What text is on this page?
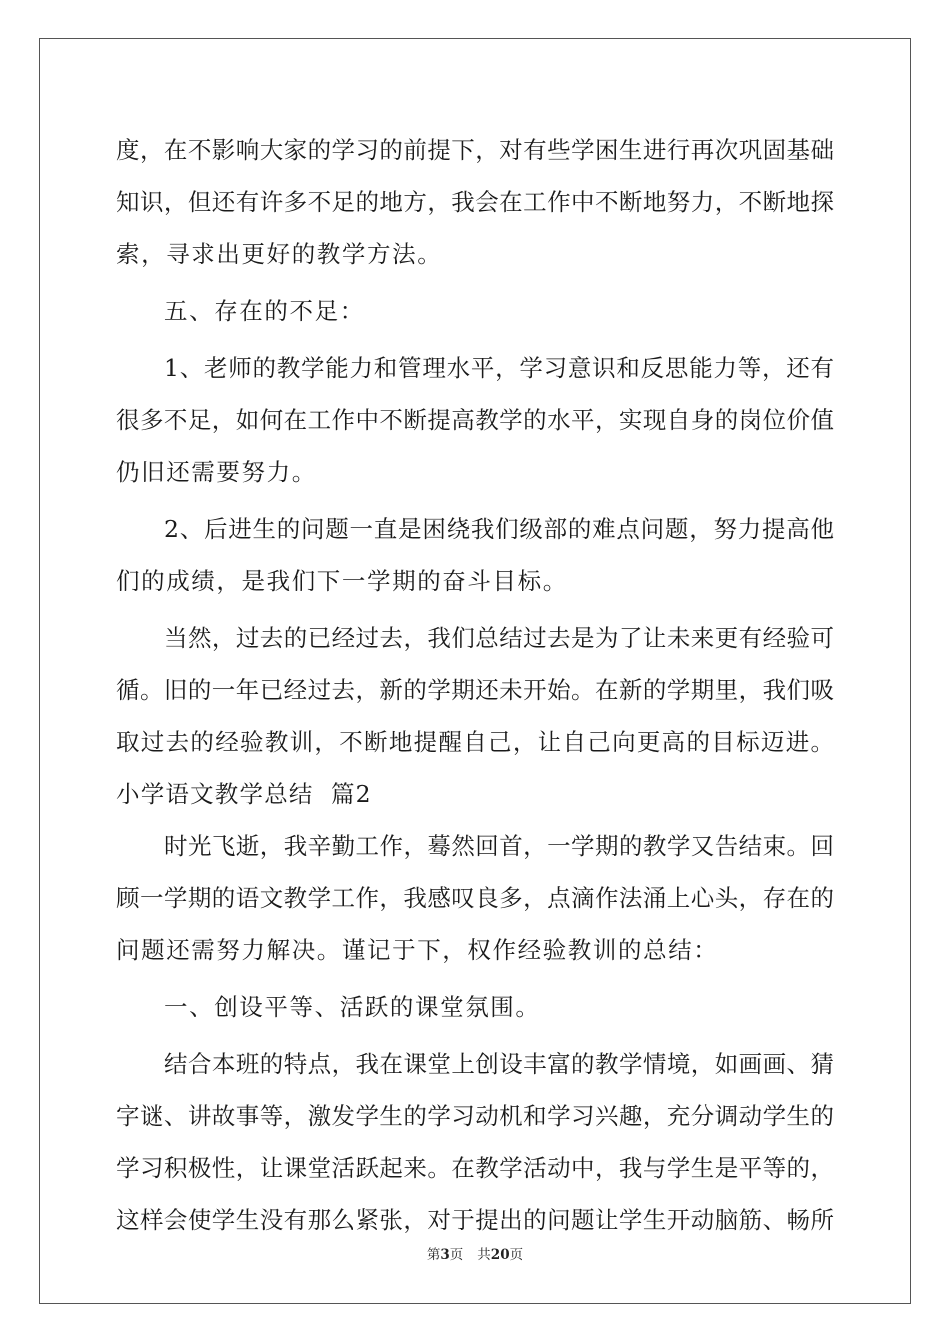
度，在不影响大家的学习的前提下，对有些学困生进行再次巩固基础
知识，但还有许多不足的地方，我会在工作中不断地努力，不断地探
索，寻求出更好的教学方法。
五、存在的不足：
1、老师的教学能力和管理水平，学习意识和反思能力等，还有
很多不足，如何在工作中不断提高教学的水平，实现自身的岗位价值
仍旧还需要努力。
2、后进生的问题一直是困绕我们级部的难点问题，努力提高他
们的成绩，是我们下一学期的奋斗目标。
当然，过去的已经过去，我们总结过去是为了让未来更有经验可
循。旧的一年已经过去，新的学期还未开始。在新的学期里，我们吸
取过去的经验教训，不断地提醒自己，让自己向更高的目标迈进。
小学语文教学总结  篇2
时光飞逝，我辛勤工作，蓦然回首，一学期的教学又告结束。回
顾一学期的语文教学工作，我感叹良多，点滴作法涌上心头，存在的
问题还需努力解决。谨记于下，权作经验教训的总结：
一、创设平等、活跃的课堂氛围。
结合本班的特点，我在课堂上创设丰富的教学情境，如画画、猜
字谜、讲故事等，激发学生的学习动机和学习兴趣，充分调动学生的
学习积极性，让课堂活跃起来。在教学活动中，我与学生是平等的，
这样会使学生没有那么紧张，对于提出的问题让学生开动脑筋、畅所
第3页 共20页
